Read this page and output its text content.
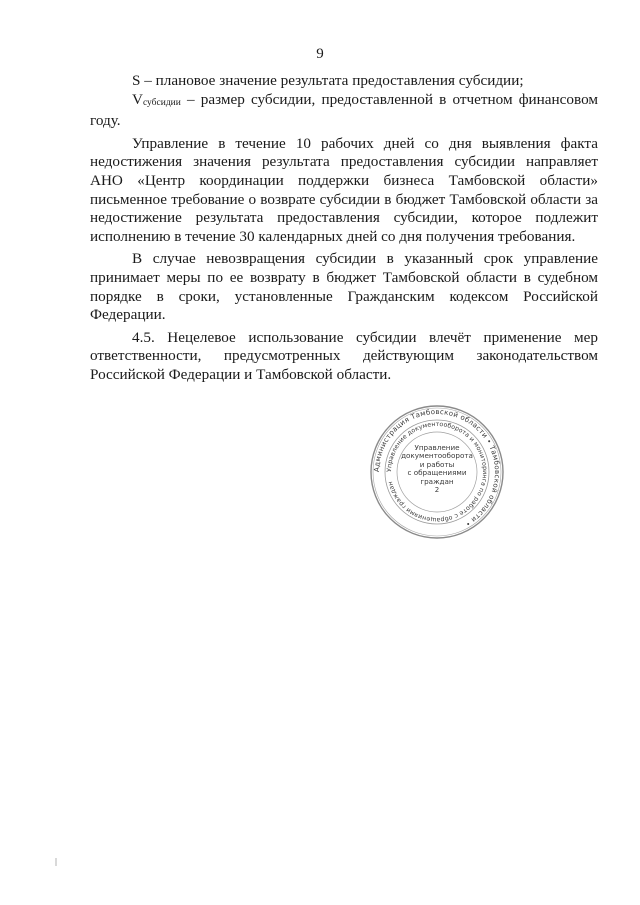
9

S – плановое значение результата предоставления субсидии;

Vсубсидии – размер субсидии, предоставленной в отчетном финансовом году.

Управление в течение 10 рабочих дней со дня выявления факта недостижения значения результата предоставления субсидии направляет АНО «Центр координации поддержки бизнеса Тамбовской области» письменное требование о возврате субсидии в бюджет Тамбовской области за недостижение результата предоставления субсидии, которое подлежит исполнению в течение 30 календарных дней со дня получения требования.

В случае невозвращения субсидии в указанный срок управление принимает меры по ее возврату в бюджет Тамбовской области в судебном порядке в сроки, установленные Гражданским кодексом Российской Федерации.

4.5. Нецелевое использование субсидии влечёт применение мер ответственности, предусмотренных действующим законодательством Российской Федерации и Тамбовской области.

Администрация Тамбовской области • Тамбовской области •
Управление документооборота и мониторинга по работе с обращениями граждан
Управление
документооборота
и работы
с обращениями
граждан
2
